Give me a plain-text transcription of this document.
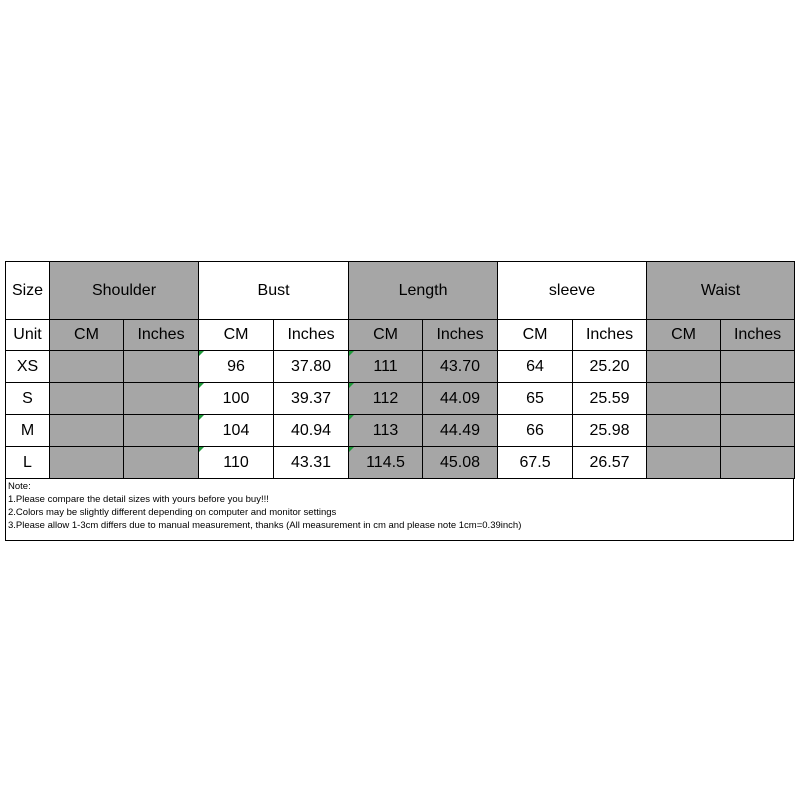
Size	Shoulder		Bust		Length		sleeve		Waist	
Unit	CM	Inches	CM	Inches	CM	Inches	CM	Inches	CM	Inches
XS			96	37.80	111	43.70	64	25.20		
S			100	39.37	112	44.09	65	25.59		
M			104	40.94	113	44.49	66	25.98		
L			110	43.31	114.5	45.08	67.5	26.57		
Note:
1.Please compare the detail sizes with yours before you buy!!!
2.Colors may be slightly different depending on computer and monitor settings
3.Please allow 1-3cm differs due to manual measurement, thanks (All measurement in cm and please note 1cm=0.39inch)
